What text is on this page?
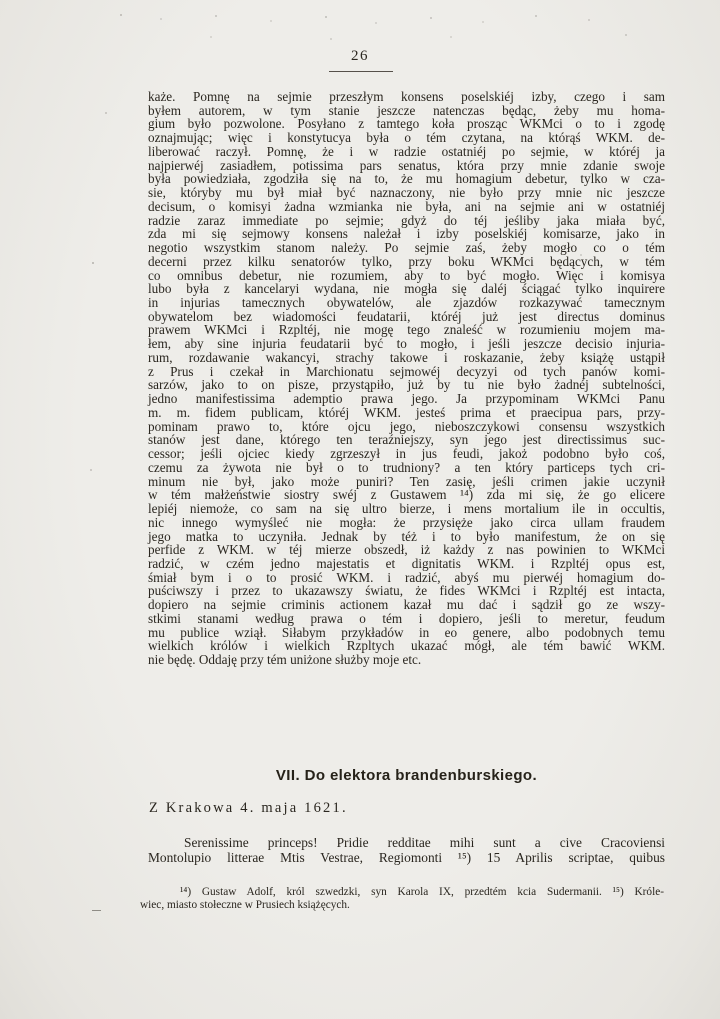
26
każe. Pomnę na sejmie przeszłym konsens poselskiéj izby, czego i sam
byłem autorem, w tym stanie jeszcze natenczas będąc, żeby mu homa-
gium było pozwolone. Posyłano z tamtego koła prosząc WKMci o to i zgodę
oznajmując; więc i konstytucya była o tém czytana, na którąś WKM. de-
liberować raczył. Pomnę, że i w radzie ostatniéj po sejmie, w któréj ja
najpierwéj zasiadłem, potissima pars senatus, która przy mnie zdanie swoje
była powiedziała, zgodziła się na to, że mu homagium debetur, tylko w cza-
sie, któryby mu był miał być naznaczony, nie było przy mnie nic jeszcze
decisum, o komisyi żadna wzmianka nie była, ani na sejmie ani w ostatniéj
radzie zaraz immediate po sejmie; gdyż do téj jeśliby jaka miała być,
zda mi się sejmowy konsens należał i izby poselskiéj komisarze, jako in
negotio wszystkim stanom należy. Po sejmie zaś, żeby mogło co o tém
decerni przez kilku senatorów tylko, przy boku WKMci będących, w tém
co omnibus debetur, nie rozumiem, aby to być mogło. Więc i komisya
lubo była z kancelaryi wydana, nie mogła się daléj ściągać tylko inquirere
in injurias tamecznych obywatelów, ale zjazdów rozkazywać tamecznym
obywatelom bez wiadomości feudatarii, któréj już jest directus dominus
prawem WKMci i Rzpltéj, nie mogę tego znaleść w rozumieniu mojem ma-
łem, aby sine injuria feudatarii być to mogło, i jeśli jeszcze decisio injuria-
rum, rozdawanie wakancyi, strachy takowe i roskazanie, żeby książę ustąpił
z Prus i czekał in Marchionatu sejmowéj decyzyi od tych panów komi-
sarzów, jako to on pisze, przystąpiło, już by tu nie było żadnéj subtelności,
jedno manifestissima ademptio prawa jego. Ja przypominam WKMci Panu
m. m. fidem publicam, któréj WKM. jesteś prima et praecipua pars, przy-
pominam prawo to, które ojcu jego, nieboszczykowi consensu wszystkich
stanów jest dane, którego ten teraźniejszy, syn jego jest directissimus suc-
cessor; jeśli ojciec kiedy zgrzeszył in jus feudi, jakoż podobno było coś,
czemu za żywota nie był o to trudniony? a ten który particeps tych cri-
minum nie był, jako może puniri? Ten zasię, jeśli crimen jakie uczynił
w tém małżeństwie siostry swéj z Gustawem ¹⁴) zda mi się, że go elicere
lepiéj niemoże, co sam na się ultro bierze, i mens mortalium ile in occultis,
nic innego wymyśleć nie mogła: że przysięże jako circa ullam fraudem
jego matka to uczyniła. Jednak by téż i to było manifestum, że on się
perfide z WKM. w téj mierze obszedł, iż każdy z nas powinien to WKMci
radzić, w czém jedno majestatis et dignitatis WKM. i Rzpltéj opus est,
śmiał bym i o to prosić WKM. i radzić, abyś mu pierwéj homagium do-
puściwszy i przez to ukazawszy światu, że fides WKMci i Rzpltéj est intacta,
dopiero na sejmie criminis actionem kazał mu dać i sądził go ze wszy-
stkimi stanami według prawa o tém i dopiero, jeśli to meretur, feudum
mu publice wziął. Siłabym przykładów in eo genere, albo podobnych temu
wielkich królów i wielkich Rzpltych ukazać mógł, ale tém bawić WKM.
nie będę. Oddaję przy tém uniżone służby moje etc.
VII. Do elektora brandenburskiego.
Z Krakowa 4. maja 1621.
Serenissime princeps! Pridie redditae mihi sunt a cive Cracoviensi
Montolupio litterae Mtis Vestrae, Regiomonti ¹⁵) 15 Aprilis scriptae, quibus
¹⁴) Gustaw Adolf, król szwedzki, syn Karola IX, przedtém kcia Sudermanii. ¹⁵) Króle-
wiec, miasto stołeczne w Prusiech książęcych.
